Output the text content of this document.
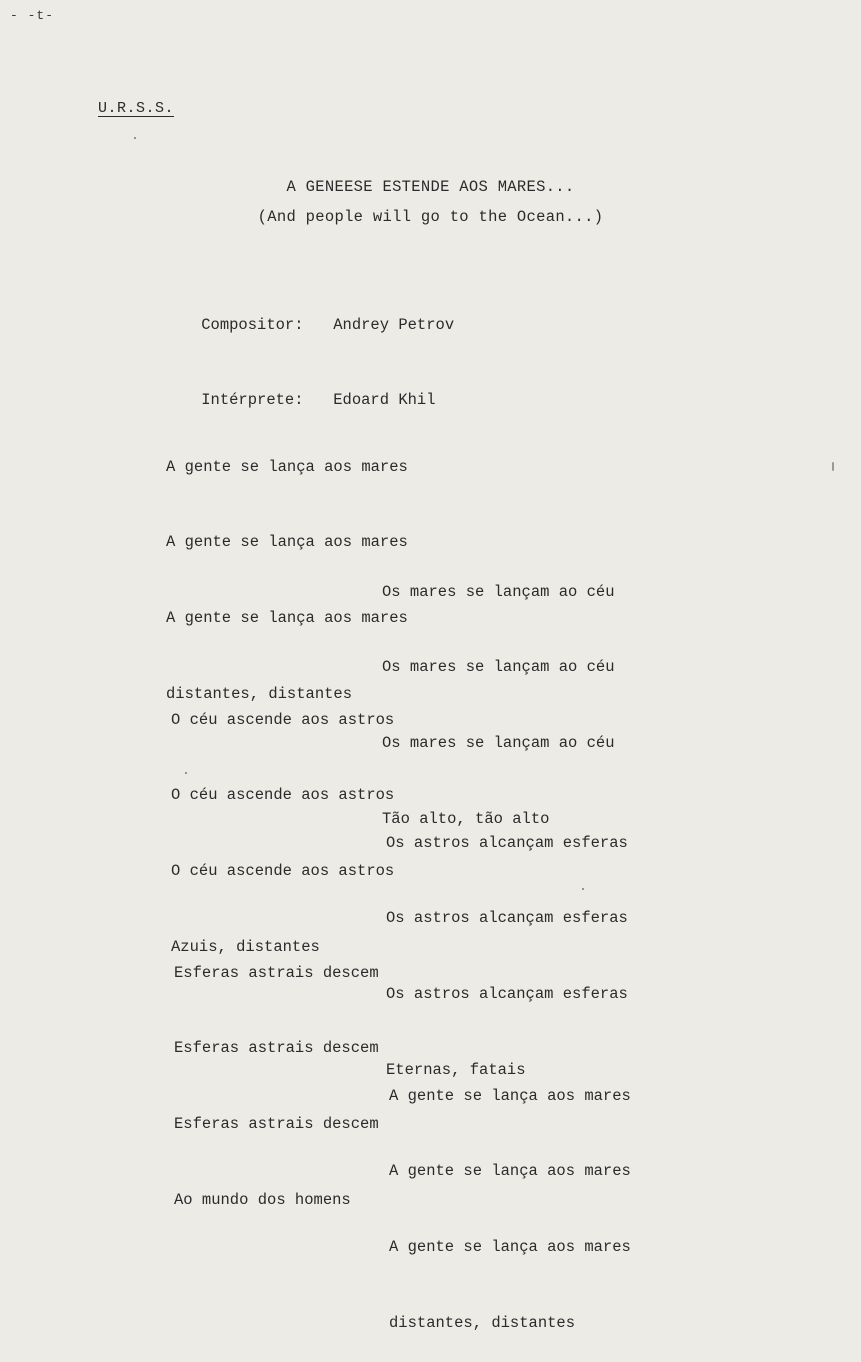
- -t-
U.R.S.S.
A GENEESE ESTENDE AOS MARES...
(And people will go to the Ocean...)

Compositor: Andrey Petrov

Intérprete: Edoard Khil

A gente se lança aos mares

A gente se lança aos mares

A gente se lança aos mares

distantes, distantes

Os mares se lançam ao céu

Os mares se lançam ao céu

Os mares se lançam ao céu

Tão alto, tão alto

O céu ascende aos astros

O céu ascende aos astros

O céu ascende aos astros

Azuis, distantes

Os astros alcançam esferas

Os astros alcançam esferas

Os astros alcançam esferas

Eternas, fatais

Esferas astrais descem

Esferas astrais descem

Esferas astrais descem

Ao mundo dos homens

A gente se lança aos mares

A gente se lança aos mares

A gente se lança aos mares

distantes, distantes
